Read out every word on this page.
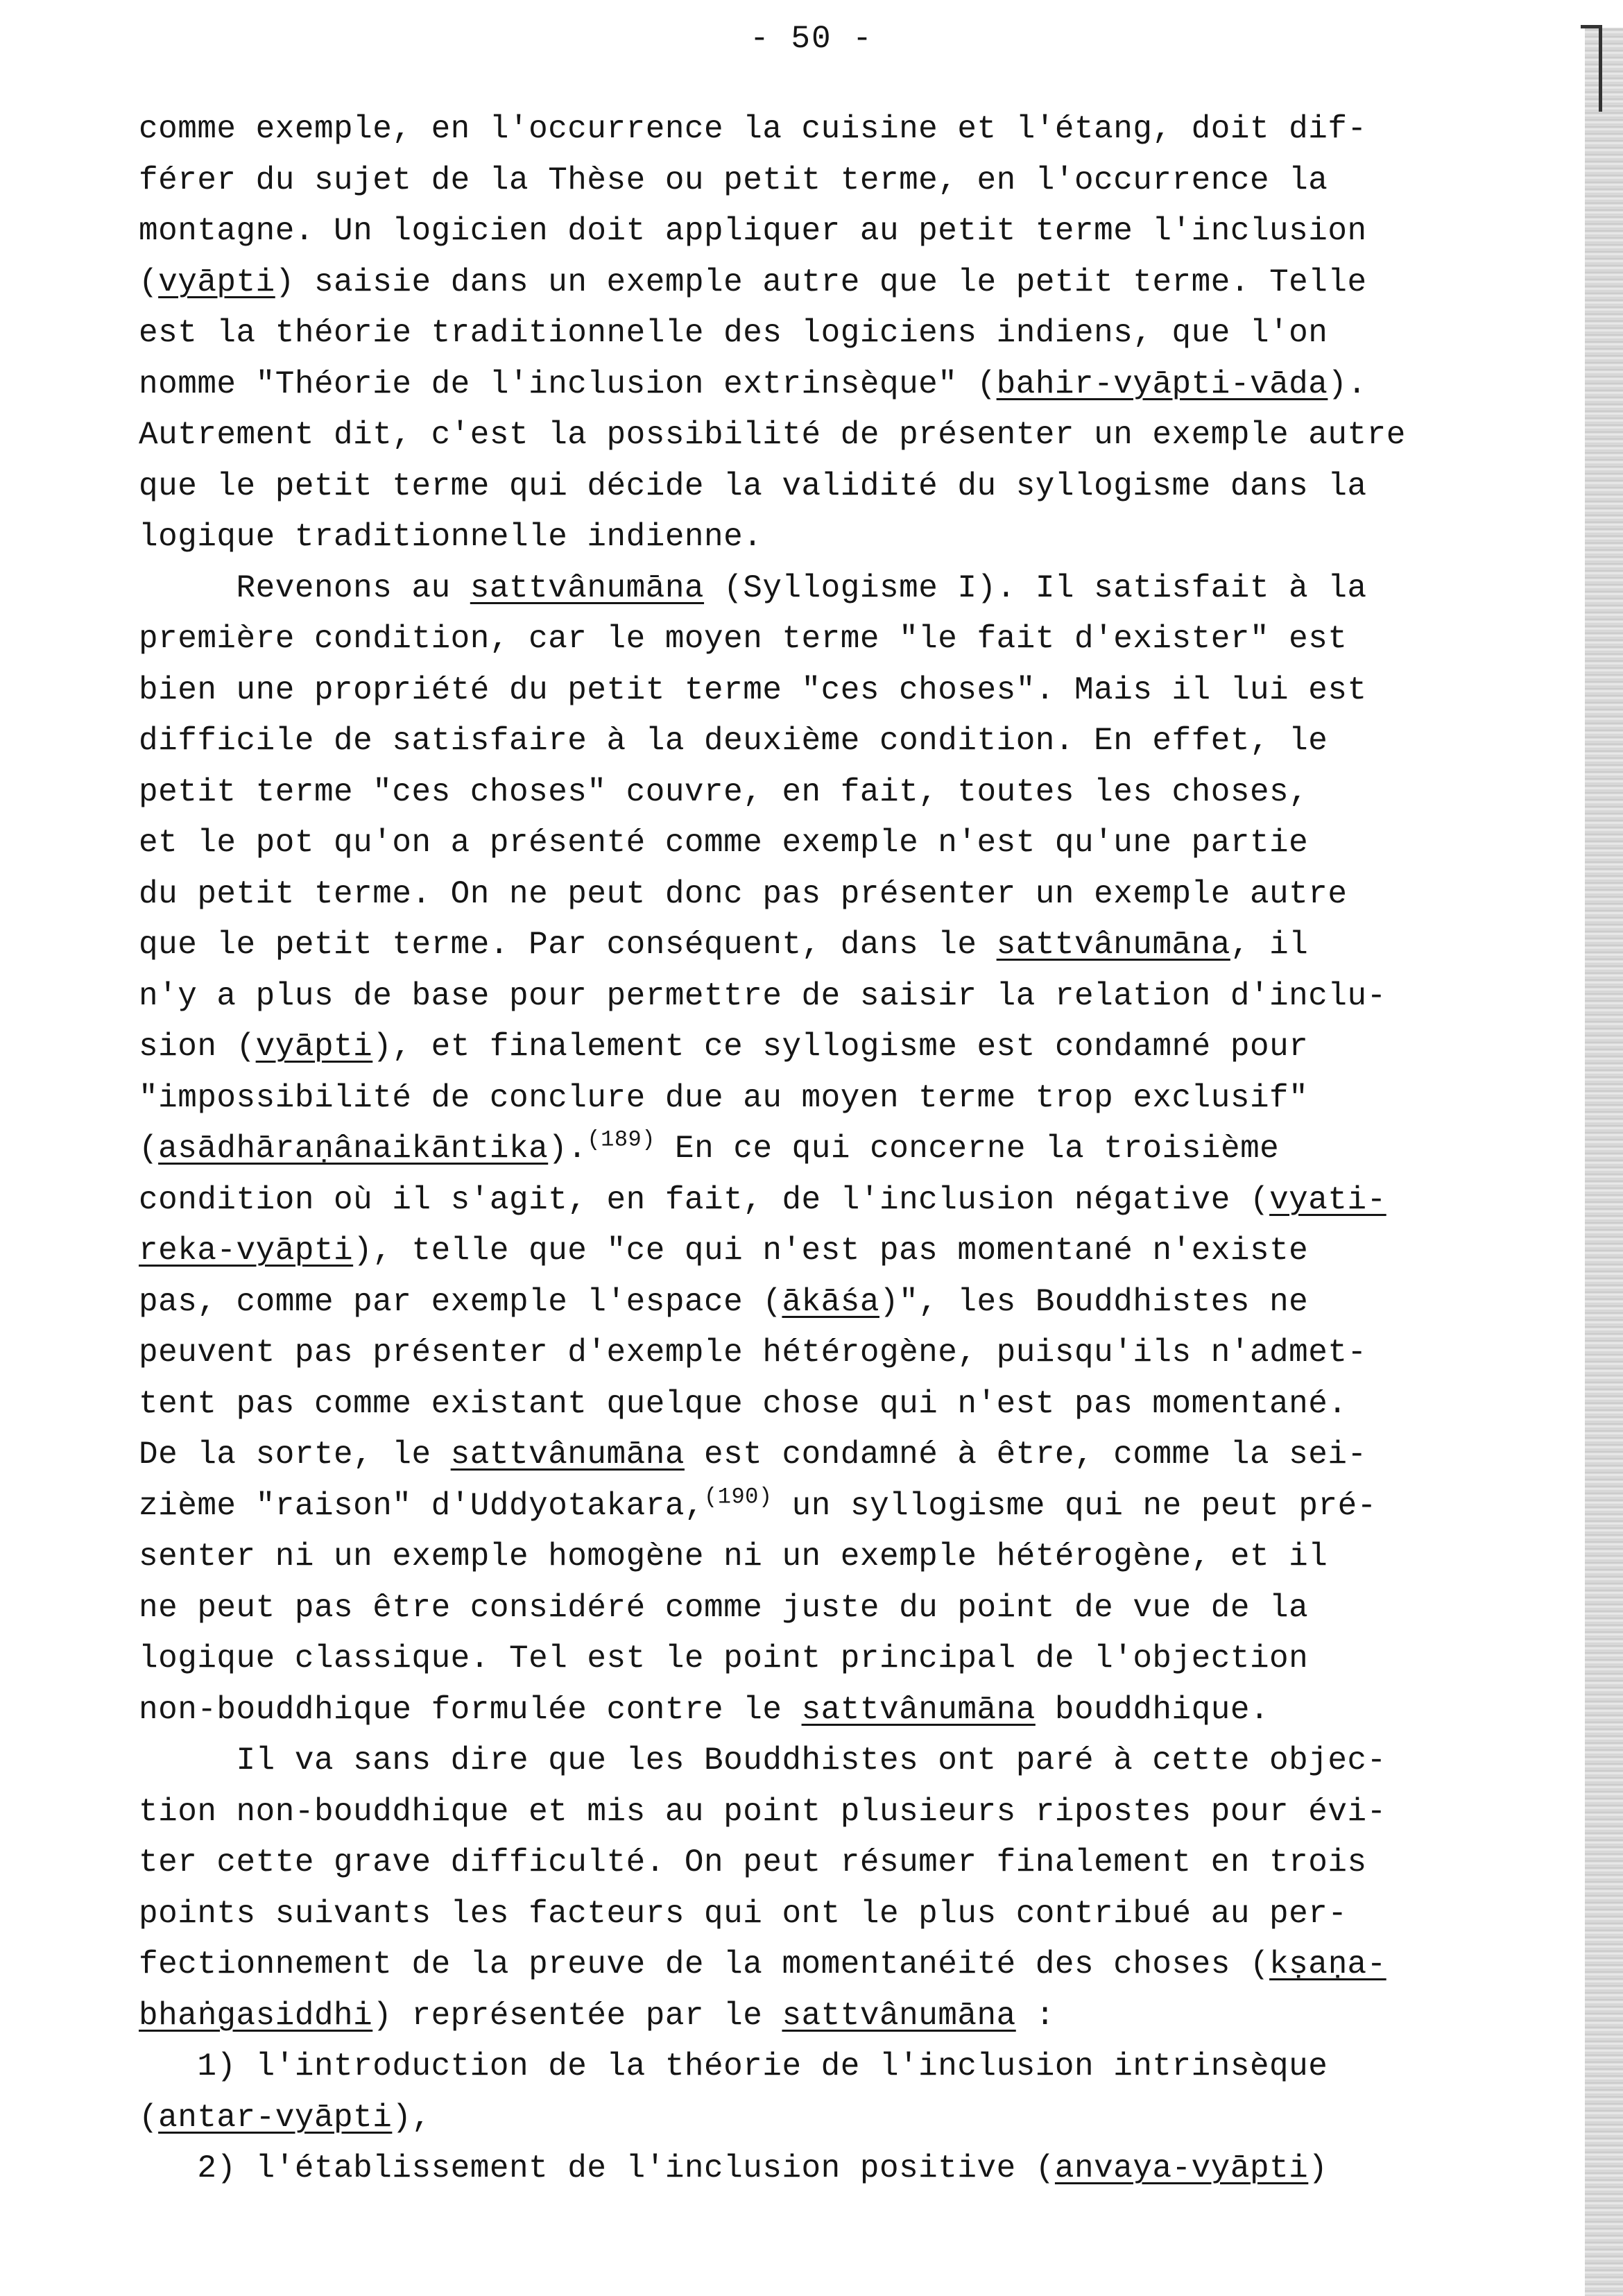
- 50 -
comme exemple, en l'occurrence la cuisine et l'étang, doit dif-
férer du sujet de la Thèse ou petit terme, en l'occurrence la
montagne. Un logicien doit appliquer au petit terme l'inclusion
(vyāpti) saisie dans un exemple autre que le petit terme. Telle
est la théorie traditionnelle des logiciens indiens, que l'on
nomme "Théorie de l'inclusion extrinsèque" (bahir-vyāpti-vāda).
Autrement dit, c'est la possibilité de présenter un exemple autre
que le petit terme qui décide la validité du syllogisme dans la
logique traditionnelle indienne.
Revenons au sattvânumāna (Syllogisme I). Il satisfait à la
première condition, car le moyen terme "le fait d'exister" est
bien une propriété du petit terme "ces choses". Mais il lui est
difficile de satisfaire à la deuxième condition. En effet, le
petit terme "ces choses" couvre, en fait, toutes les choses,
et le pot qu'on a présenté comme exemple n'est qu'une partie
du petit terme. On ne peut donc pas présenter un exemple autre
que le petit terme. Par conséquent, dans le sattvânumāna, il
n'y a plus de base pour permettre de saisir la relation d'inclu-
sion (vyāpti), et finalement ce syllogisme est condamné pour
"impossibilité de conclure due au moyen terme trop exclusif"
(asādhāraṇânaikāntika).$^{(189)}$ En ce qui concerne la troisième
condition où il s'agit, en fait, de l'inclusion négative (vyati-
reka-vyāpti), telle que "ce qui n'est pas momentané n'existe
pas, comme par exemple l'espace (ākāśa)", les Bouddhistes ne
peuvent pas présenter d'exemple hétérogène, puisqu'ils n'admet-
tent pas comme existant quelque chose qui n'est pas momentané.
De la sorte, le sattvânumāna est condamné à être, comme la sei-
zième "raison" d'Uddyotakara,$^{(190)}$ un syllogisme qui ne peut pré-
senter ni un exemple homogène ni un exemple hétérogène, et il
ne peut pas être considéré comme juste du point de vue de la
logique classique. Tel est le point principal de l'objection
non-bouddhique formulée contre le sattvânumāna bouddhique.
Il va sans dire que les Bouddhistes ont paré à cette objec-
tion non-bouddhique et mis au point plusieurs ripostes pour évi-
ter cette grave difficulté. On peut résumer finalement en trois
points suivants les facteurs qui ont le plus contribué au per-
fectionnement de la preuve de la momentanéité des choses (kṣaṇa-
bhaṅgasiddhi) représentée par le sattvânumāna :
1) l'introduction de la théorie de l'inclusion intrinsèque
(antar-vyāpti),
2) l'établissement de l'inclusion positive (anvaya-vyāpti)
